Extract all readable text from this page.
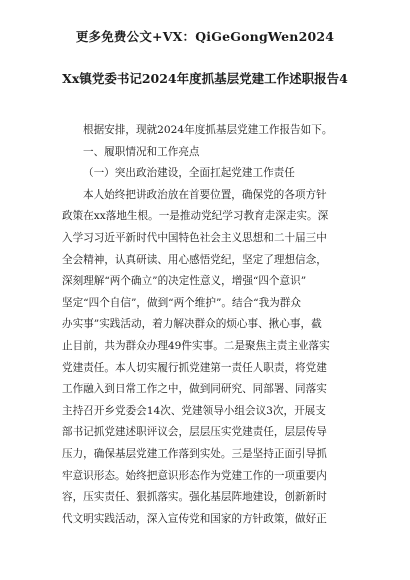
更多免费公文+VX：QiGeGongWen2024
Xx镇党委书记2024年度抓基层党建工作述职报告4
根据安排，现就2024年度抓基层党建工作报告如下。
一、履职情况和工作亮点
（一）突出政治建设，全面扛起党建工作责任
本人始终把讲政治放在首要位置，确保党的各项方针
政策在xx落地生根。一是推动党纪学习教育走深走实。深
入学习习近平新时代中国特色社会主义思想和二十届三中
全会精神，认真研读、用心感悟党纪，坚定了理想信念，
深刻理解“两个确立”的决定性意义，增强“四个意识”
坚定“四个自信”，做到“两个维护”。结合“我为群众
办实事”实践活动，着力解决群众的烦心事、揪心事，截
止目前，共为群众办理49件实事。二是聚焦主责主业落实
党建责任。本人切实履行抓党建第一责任人职责，将党建
工作融入到日常工作之中，做到同研究、同部署、同落实
主持召开乡党委会14次、党建领导小组会议3次，开展支
部书记抓党建述职评议会，层层压实党建责任，层层传导
压力，确保基层党建工作落到实处。三是坚持正面引导抓
牢意识形态。始终把意识形态作为党建工作的一项重要内
容，压实责任、狠抓落实。强化基层阵地建设，创新新时
代文明实践活动，深入宣传党和国家的方针政策，做好正
